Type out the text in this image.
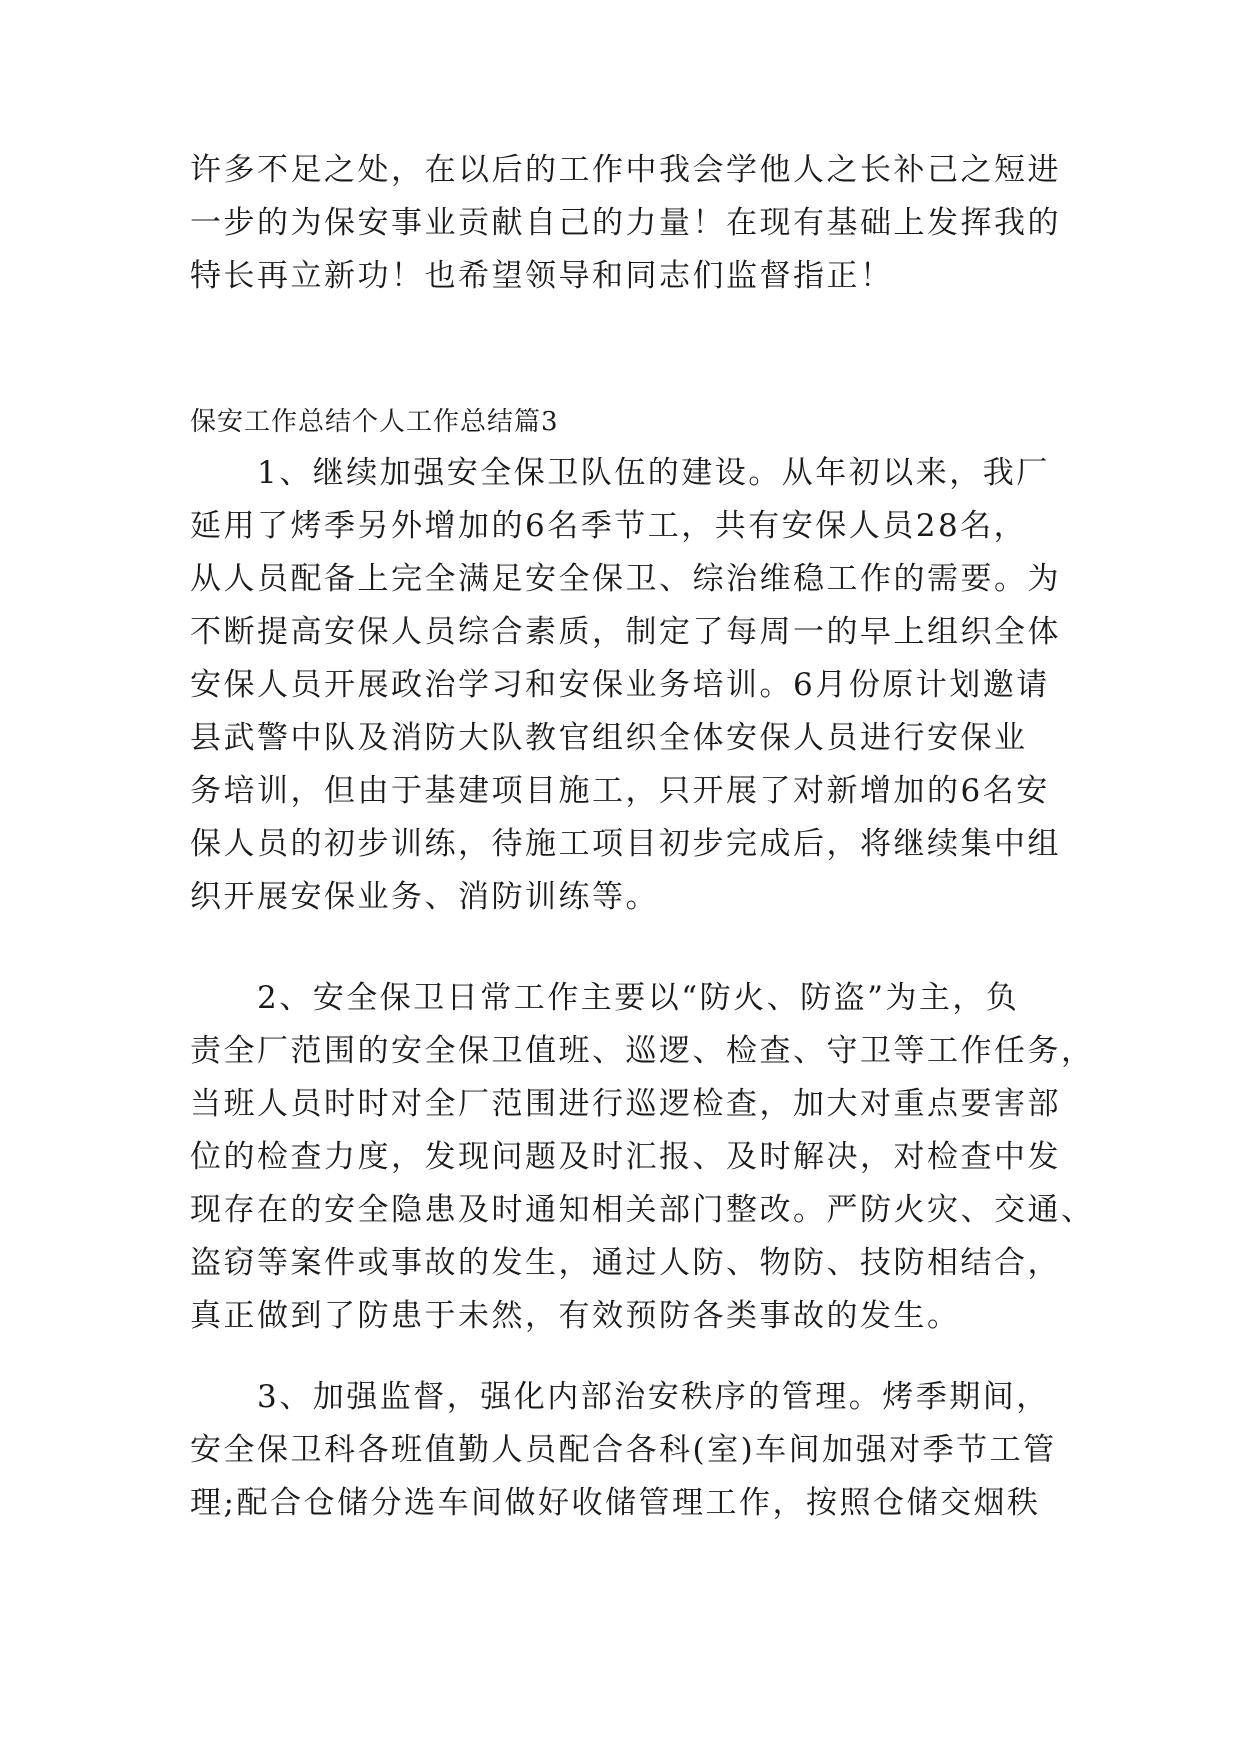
许多不足之处，在以后的工作中我会学他人之长补己之短进
一步的为保安事业贡献自己的力量！在现有基础上发挥我的
特长再立新功！也希望领导和同志们监督指正！
保安工作总结个人工作总结篇3
　　1、继续加强安全保卫队伍的建设。从年初以来，我厂
延用了烤季另外增加的6名季节工，共有安保人员28名，
从人员配备上完全满足安全保卫、综治维稳工作的需要。为
不断提高安保人员综合素质，制定了每周一的早上组织全体
安保人员开展政治学习和安保业务培训。6月份原计划邀请
县武警中队及消防大队教官组织全体安保人员进行安保业
务培训，但由于基建项目施工，只开展了对新增加的6名安
保人员的初步训练，待施工项目初步完成后，将继续集中组
织开展安保业务、消防训练等。
　　2、安全保卫日常工作主要以“防火、防盗”为主，负
责全厂范围的安全保卫值班、巡逻、检查、守卫等工作任务，
当班人员时时对全厂范围进行巡逻检查，加大对重点要害部
位的检查力度，发现问题及时汇报、及时解决，对检查中发
现存在的安全隐患及时通知相关部门整改。严防火灾、交通、
盗窃等案件或事故的发生，通过人防、物防、技防相结合，
真正做到了防患于未然，有效预防各类事故的发生。
　　3、加强监督，强化内部治安秩序的管理。烤季期间，
安全保卫科各班值勤人员配合各科(室)车间加强对季节工管
理;配合仓储分选车间做好收储管理工作，按照仓储交烟秩
